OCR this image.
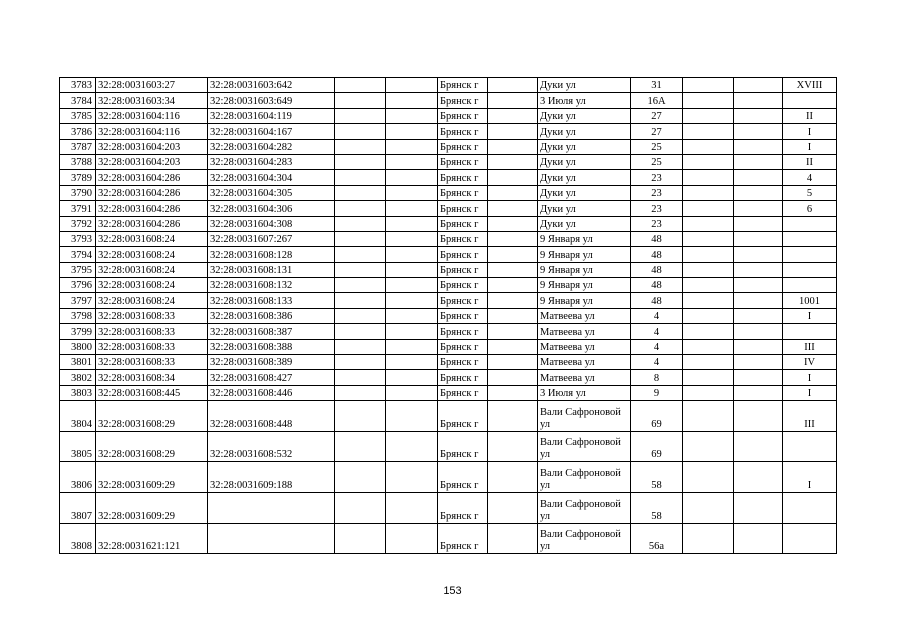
3783	32:28:0031603:27	32:28:0031603:642			Брянск г		Дуки ул	31			XVIII
3784	32:28:0031603:34	32:28:0031603:649			Брянск г		3 Июля ул	16А			
3785	32:28:0031604:116	32:28:0031604:119			Брянск г		Дуки ул	27			II
3786	32:28:0031604:116	32:28:0031604:167			Брянск г		Дуки ул	27			I
3787	32:28:0031604:203	32:28:0031604:282			Брянск г		Дуки ул	25			I
3788	32:28:0031604:203	32:28:0031604:283			Брянск г		Дуки ул	25			II
3789	32:28:0031604:286	32:28:0031604:304			Брянск г		Дуки ул	23			4
3790	32:28:0031604:286	32:28:0031604:305			Брянск г		Дуки ул	23			5
3791	32:28:0031604:286	32:28:0031604:306			Брянск г		Дуки ул	23			6
3792	32:28:0031604:286	32:28:0031604:308			Брянск г		Дуки ул	23			
3793	32:28:0031608:24	32:28:0031607:267			Брянск г		9 Января ул	48			
3794	32:28:0031608:24	32:28:0031608:128			Брянск г		9 Января ул	48			
3795	32:28:0031608:24	32:28:0031608:131			Брянск г		9 Января ул	48			
3796	32:28:0031608:24	32:28:0031608:132			Брянск г		9 Января ул	48			
3797	32:28:0031608:24	32:28:0031608:133			Брянск г		9 Января ул	48			1001
3798	32:28:0031608:33	32:28:0031608:386			Брянск г		Матвеева ул	4			I
3799	32:28:0031608:33	32:28:0031608:387			Брянск г		Матвеева ул	4			
3800	32:28:0031608:33	32:28:0031608:388			Брянск г		Матвеева ул	4			III
3801	32:28:0031608:33	32:28:0031608:389			Брянск г		Матвеева ул	4			IV
3802	32:28:0031608:34	32:28:0031608:427			Брянск г		Матвеева ул	8			I
3803	32:28:0031608:445	32:28:0031608:446			Брянск г		3 Июля ул	9			I
3804	32:28:0031608:29	32:28:0031608:448			Брянск г		Вали Сафроновой ул	69			III
3805	32:28:0031608:29	32:28:0031608:532			Брянск г		Вали Сафроновой ул	69			
3806	32:28:0031609:29	32:28:0031609:188			Брянск г		Вали Сафроновой ул	58			I
3807	32:28:0031609:29				Брянск г		Вали Сафроновой ул	58			
3808	32:28:0031621:121				Брянск г		Вали Сафроновой ул	56а			
153
